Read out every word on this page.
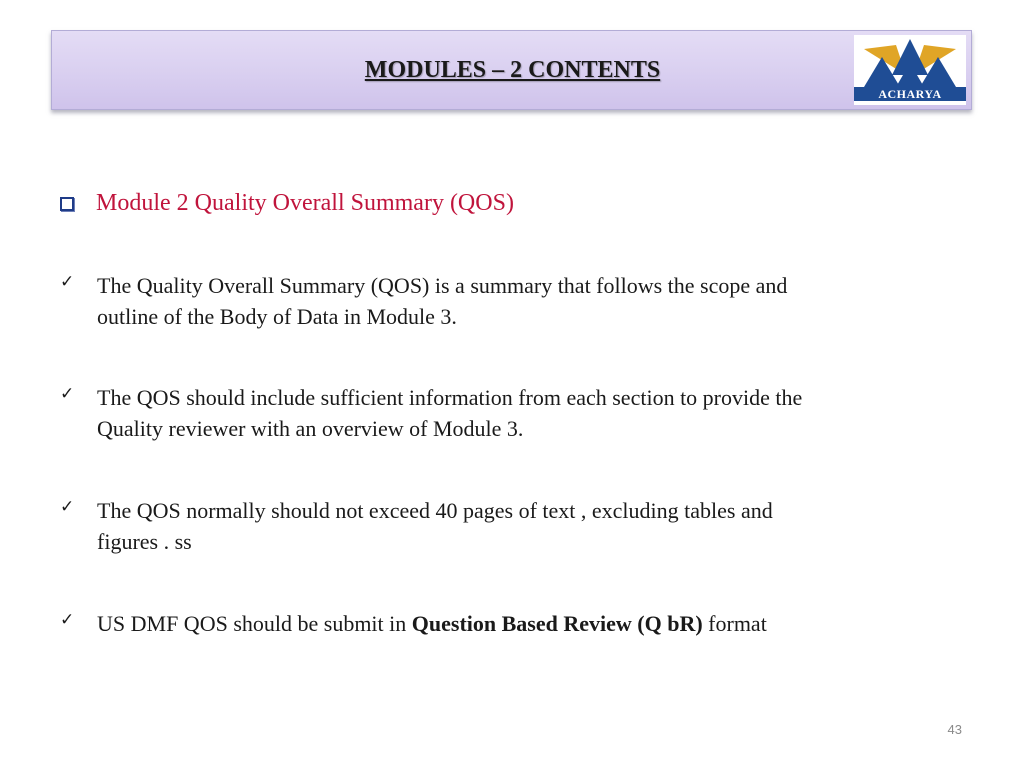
MODULES – 2 CONTENTS
ACHARYA
Module 2 Quality Overall Summary (QOS)
✓ The Quality Overall Summary (QOS) is a summary that follows the scope and
outline of the Body of Data in Module 3.
✓ The QOS should include sufficient information from each section to provide the
Quality reviewer with an overview of Module 3.
✓ The QOS normally should not exceed 40 pages of text , excluding tables and
figures . ss
✓ US DMF QOS should be submit in Question Based Review (Q bR) format
43
